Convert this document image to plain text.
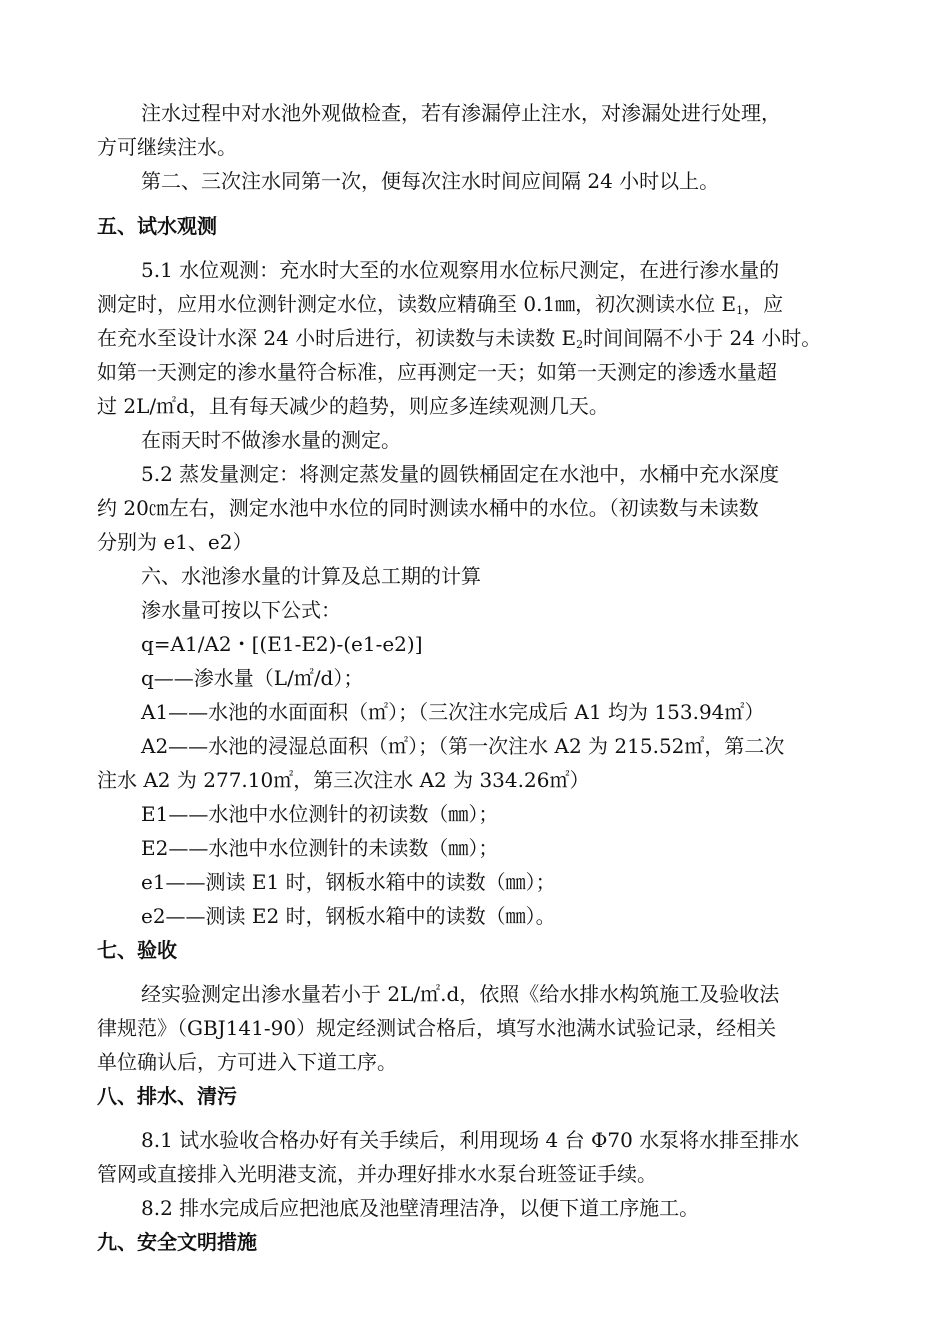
注水过程中对水池外观做检查，若有渗漏停止注水，对渗漏处进行处理，
方可继续注水。
第二、三次注水同第一次，便每次注水时间应间隔 24 小时以上。
五、试水观测
5.1 水位观测：充水时大至的水位观察用水位标尺测定，在进行渗水量的
测定时，应用水位测针测定水位，读数应精确至 0.1㎜，初次测读水位 $E_1$，应
在充水至设计水深 24 小时后进行，初读数与未读数 $E_2$时间间隔不小于 24 小时。
如第一天测定的渗水量符合标准，应再测定一天；如第一天测定的渗透水量超
过 2L/㎡d，且有每天减少的趋势，则应多连续观测几天。
在雨天时不做渗水量的测定。
5.2 蒸发量测定：将测定蒸发量的圆铁桶固定在水池中，水桶中充水深度
约 20㎝左右，测定水池中水位的同时测读水桶中的水位。（初读数与未读数
分别为 e1、e2）
六、水池渗水量的计算及总工期的计算
渗水量可按以下公式：
q=A1/A2・[(E1-E2)-(e1-e2)]
q——渗水量（L/㎡/d）；
A1——水池的水面面积（㎡）；（三次注水完成后 A1 均为 153.94㎡）
A2——水池的浸湿总面积（㎡）；（第一次注水 A2 为 215.52㎡，第二次
注水 A2 为 277.10㎡，第三次注水 A2 为 334.26㎡）
E1——水池中水位测针的初读数（㎜）；
E2——水池中水位测针的未读数（㎜）；
e1——测读 E1 时，钢板水箱中的读数（㎜）；
e2——测读 E2 时，钢板水箱中的读数（㎜）。
七、验收
经实验测定出渗水量若小于 2L/㎡.d，依照《给水排水构筑施工及验收法
律规范》（GBJ141-90）规定经测试合格后，填写水池满水试验记录，经相关
单位确认后，方可进入下道工序。
八、排水、清污
8.1 试水验收合格办好有关手续后，利用现场 4 台 Φ70 水泵将水排至排水
管网或直接排入光明港支流，并办理好排水水泵台班签证手续。
8.2 排水完成后应把池底及池壁清理洁净，以便下道工序施工。
九、安全文明措施
